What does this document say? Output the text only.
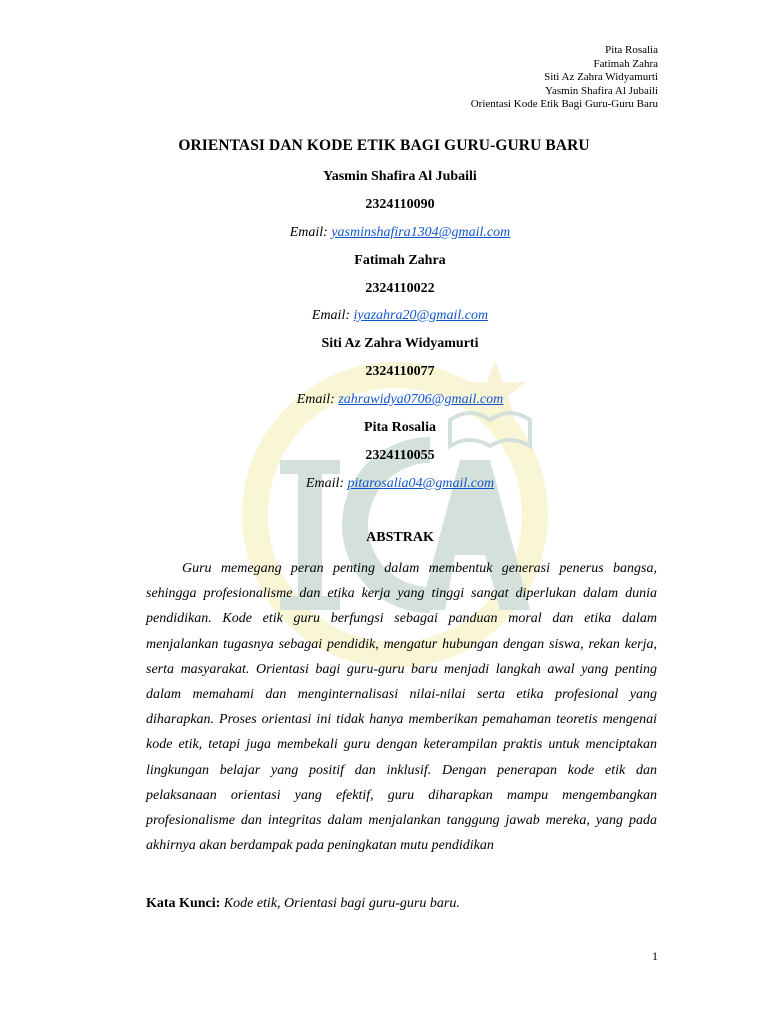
Pita Rosalia
Fatimah Zahra
Siti Az Zahra Widyamurti
Yasmin Shafira Al Jubaili
Orientasi Kode Etik Bagi Guru-Guru Baru
ORIENTASI DAN KODE ETIK BAGI GURU-GURU BARU
Yasmin Shafira Al Jubaili
2324110090
Email: yasminshafira1304@gmail.com
Fatimah Zahra
2324110022
Email: iyazahra20@gmail.com
Siti Az Zahra Widyamurti
2324110077
Email: zahrawidya0706@gmail.com
Pita Rosalia
2324110055
Email: pitarosalia04@gmail.com
ABSTRAK

Guru memegang peran penting dalam membentuk generasi penerus bangsa, sehingga profesionalisme dan etika kerja yang tinggi sangat diperlukan dalam dunia pendidikan. Kode etik guru berfungsi sebagai panduan moral dan etika dalam menjalankan tugasnya sebagai pendidik, mengatur hubungan dengan siswa, rekan kerja, serta masyarakat. Orientasi bagi guru-guru baru menjadi langkah awal yang penting dalam memahami dan menginternalisasi nilai-nilai serta etika profesional yang diharapkan. Proses orientasi ini tidak hanya memberikan pemahaman teoretis mengenai kode etik, tetapi juga membekali guru dengan keterampilan praktis untuk menciptakan lingkungan belajar yang positif dan inklusif. Dengan penerapan kode etik dan pelaksanaan orientasi yang efektif, guru diharapkan mampu mengembangkan profesionalisme dan integritas dalam menjalankan tanggung jawab mereka, yang pada akhirnya akan berdampak pada peningkatan mutu pendidikan

Kata Kunci: Kode etik, Orientasi bagi guru-guru baru.
1
